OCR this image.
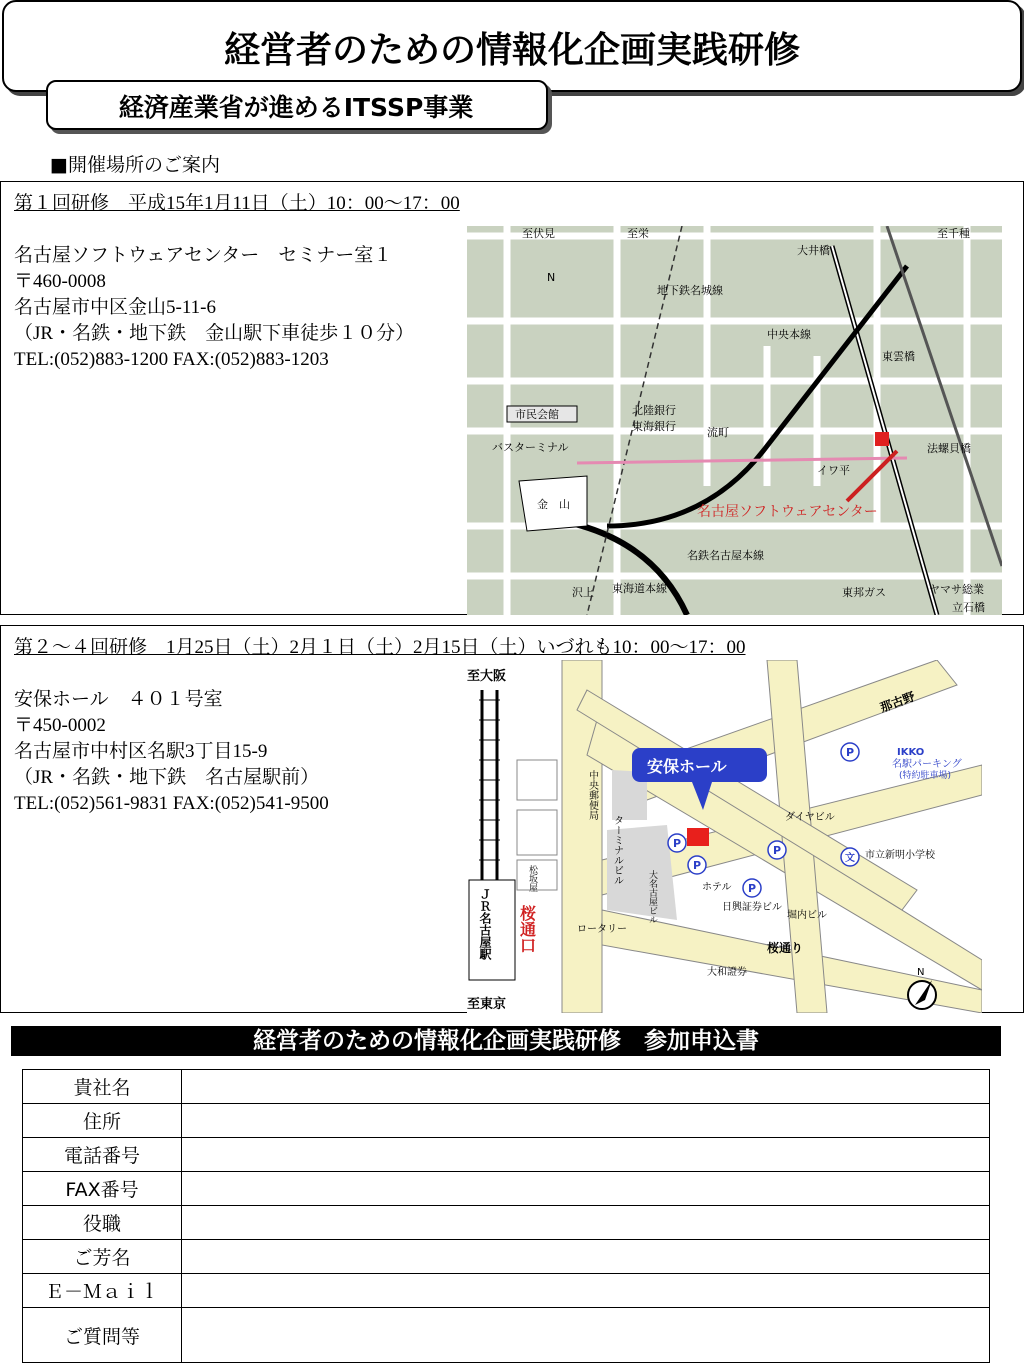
経営者のための情報化企画実践研修
経済産業省が進めるITSSP事業
■開催場所のご案内
第１回研修　平成15年1月11日（土）10：00～17：00
名古屋ソフトウェアセンター　セミナー室１
〒460-0008
名古屋市中区金山5-11-6
（JR・名鉄・地下鉄　金山駅下車徒歩１０分）
TEL:(052)883-1200 FAX:(052)883-1203
至伏見	至栄	至千種
N
大井橋
地下鉄名城線
中央本線
東雲橋
市民会館	北陸銀行
東海銀行	流町
法螺貝橋
バスターミナル
イワ平
金　山	名古屋ソフトウェアセンター
名鉄名古屋本線
東海道本線
沢上	東邦ガス	ヤマサ総業
立石橋
第２～４回研修　1月25日（土）2月１日（土）2月15日（土）いづれも10：00～17：00
安保ホール　４０１号室
〒450-0002
名古屋市中村区名駅3丁目15-9
（JR・名鉄・地下鉄　名古屋駅前）
TEL:(052)561-9831 FAX:(052)541-9500
安保ホール
P
P
P
P
P
文
至大阪
至東京
那古野
IKKO
名駅パーキング
(特約駐車場)
ダイヤビル
市立新明小学校
ホテル
日興証券ビル
堀内ビル
ロータリー
桜通り
大和證券	N
ＪＲ名古屋駅 桜通口
中央郵便局
ターミナルビル
松坂屋	大名古屋ビル
経営者のための情報化企画実践研修　参加申込書
貴社名	
住所	
電話番号	
FAX番号	
役職	
ご芳名	
Ｅ－Ｍａｉｌ	
ご質問等	
